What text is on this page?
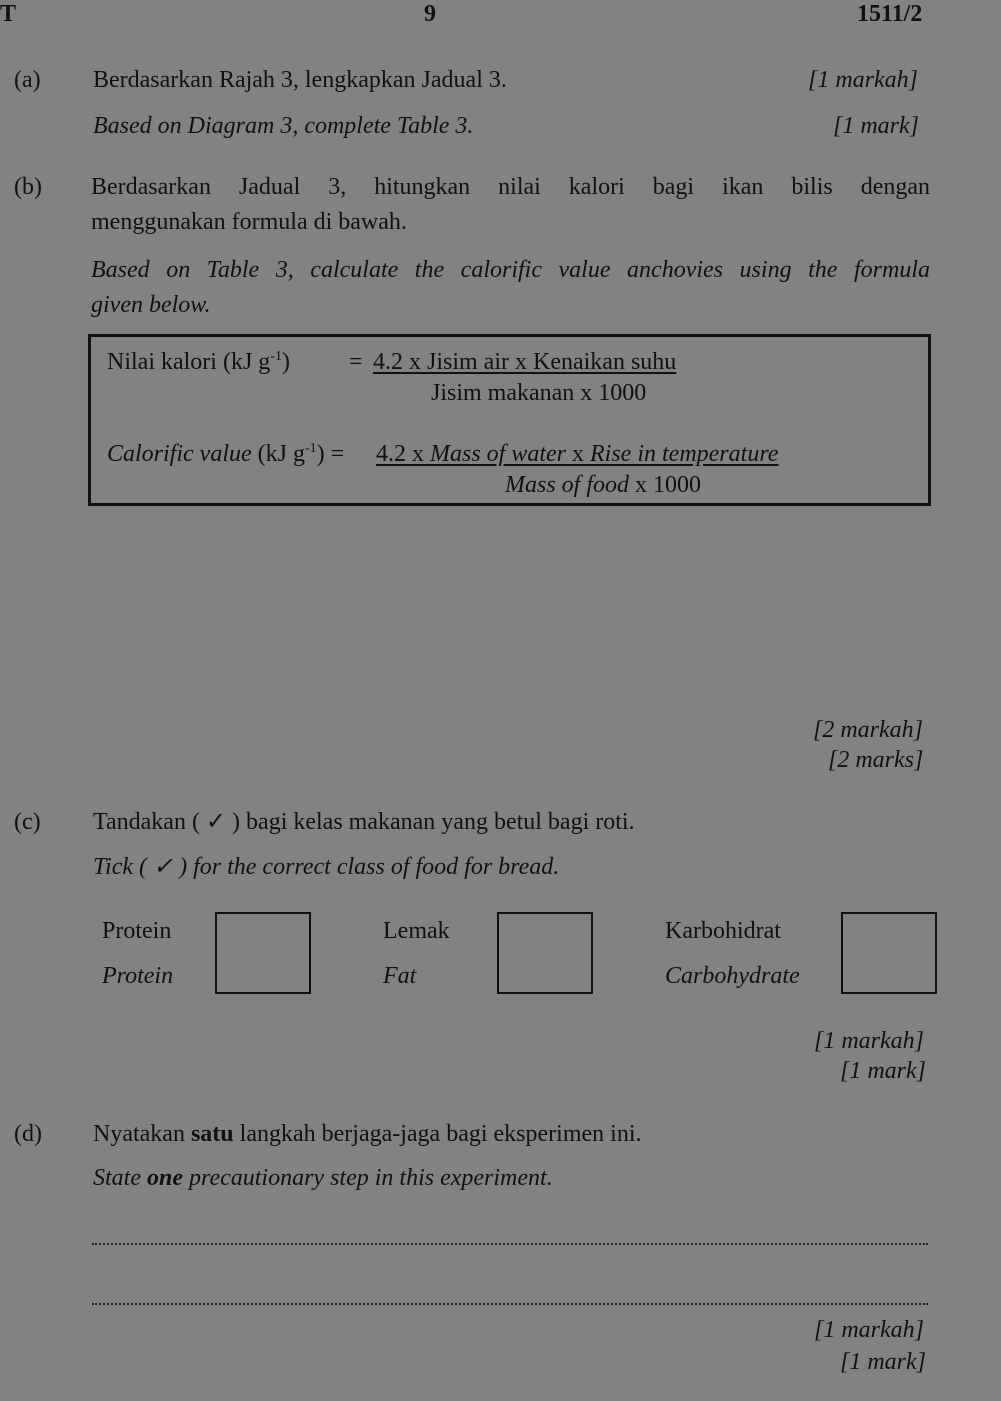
T	9	1511/2
(a) Berdasarkan Rajah 3, lengkapkan Jadual 3.	[1 markah]
Based on Diagram 3, complete Table 3.	[1 mark]
(b) Berdasarkan Jadual 3, hitungkan nilai kalori bagi ikan bilis dengan
menggunakan formula di bawah.
Based on Table 3, calculate the calorific value anchovies using the formula
given below.
Nilai kalori (kJ $g^{-1}) = 4.2$ x Jisim air x Kenaikan suhu
Jisim makanan x 1000
Calorific value (kJ $g^{-1}) = 4.2$ x Mass of water x Rise in temperature
Mass of food x 1000
[2 markah]
[2 marks]
(c) Tandakan ( ✓ ) bagi kelas makanan yang betul bagi roti.
Tick ( ✓ ) for the correct class of food for bread.
Protein
Protein
Lemak
Fat
Karbohidrat
Carbohydrate
[1 markah]
[1 mark]
(d) Nyatakan satu langkah berjaga-jaga bagi eksperimen ini.
State one precautionary step in this experiment.
[1 markah]
[1 mark]
